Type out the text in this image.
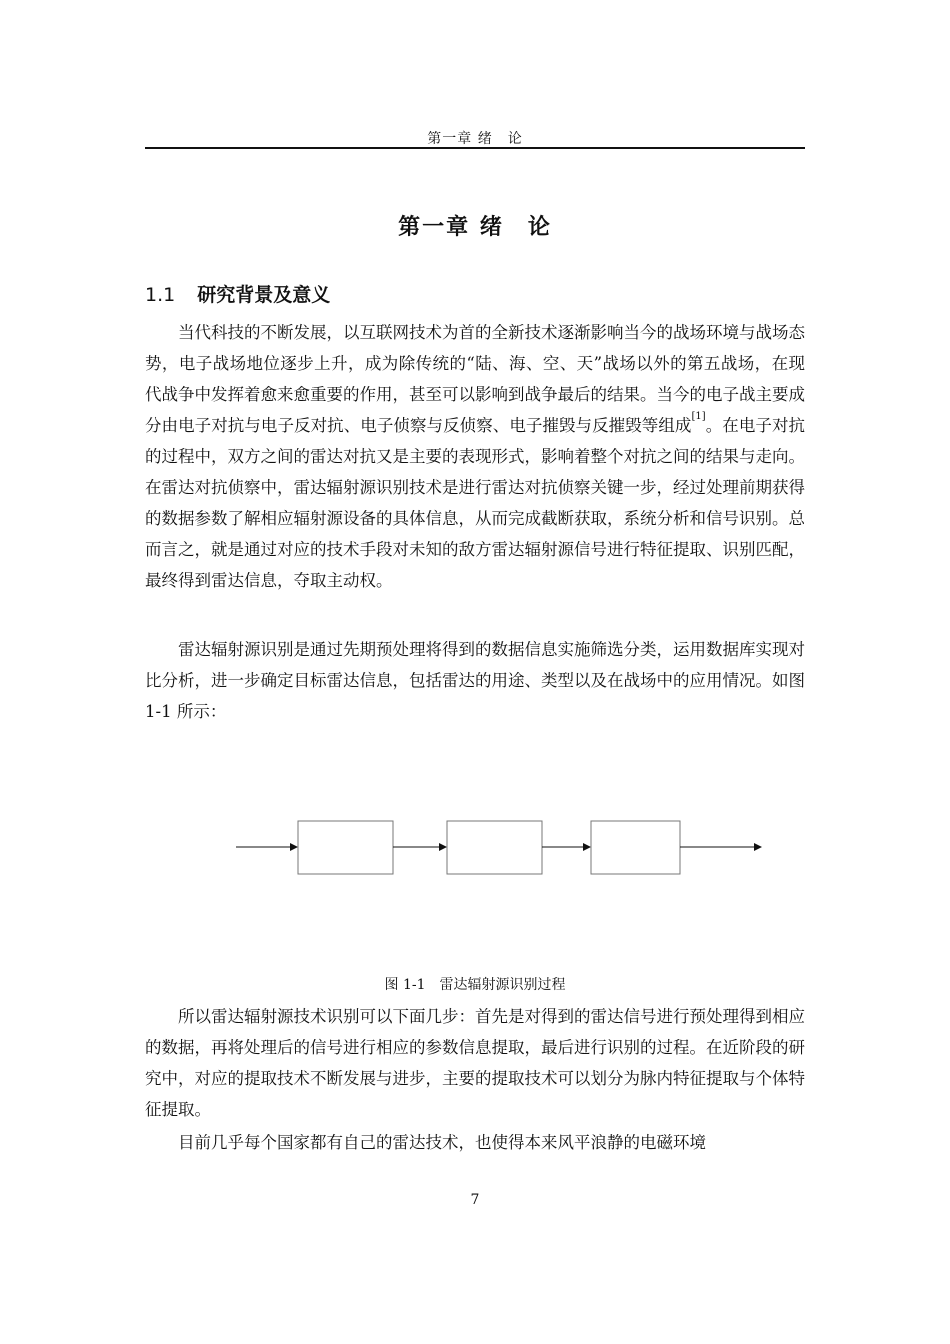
第一章 绪　论
第一章 绪　论
1.1 研究背景及意义

当代科技的不断发展，以互联网技术为首的全新技术逐渐影响当今的战场环境与战场态势，电子战场地位逐步上升，成为除传统的“陆、海、空、天”战场以外的第五战场，在现代战争中发挥着愈来愈重要的作用，甚至可以影响到战争最后的结果。当今的电子战主要成分由电子对抗与电子反对抗、电子侦察与反侦察、电子摧毁与反摧毁等组成[1]。在电子对抗的过程中，双方之间的雷达对抗又是主要的表现形式，影响着整个对抗之间的结果与走向。在雷达对抗侦察中，雷达辐射源识别技术是进行雷达对抗侦察关键一步，经过处理前期获得的数据参数了解相应辐射源设备的具体信息，从而完成截断获取，系统分析和信号识别。总而言之，就是通过对应的技术手段对未知的敌方雷达辐射源信号进行特征提取、识别匹配，最终得到雷达信息，夺取主动权。

雷达辐射源识别是通过先期预处理将得到的数据信息实施筛选分类，运用数据库实现对比分析，进一步确定目标雷达信息，包括雷达的用途、类型以及在战场中的应用情况。如图 1-1 所示：

图 1-1　雷达辐射源识别过程

所以雷达辐射源技术识别可以下面几步：首先是对得到的雷达信号进行预处理得到相应的数据，再将处理后的信号进行相应的参数信息提取，最后进行识别的过程。在近阶段的研究中，对应的提取技术不断发展与进步，主要的提取技术可以划分为脉内特征提取与个体特征提取。

目前几乎每个国家都有自己的雷达技术，也使得本来风平浪静的电磁环境

7
